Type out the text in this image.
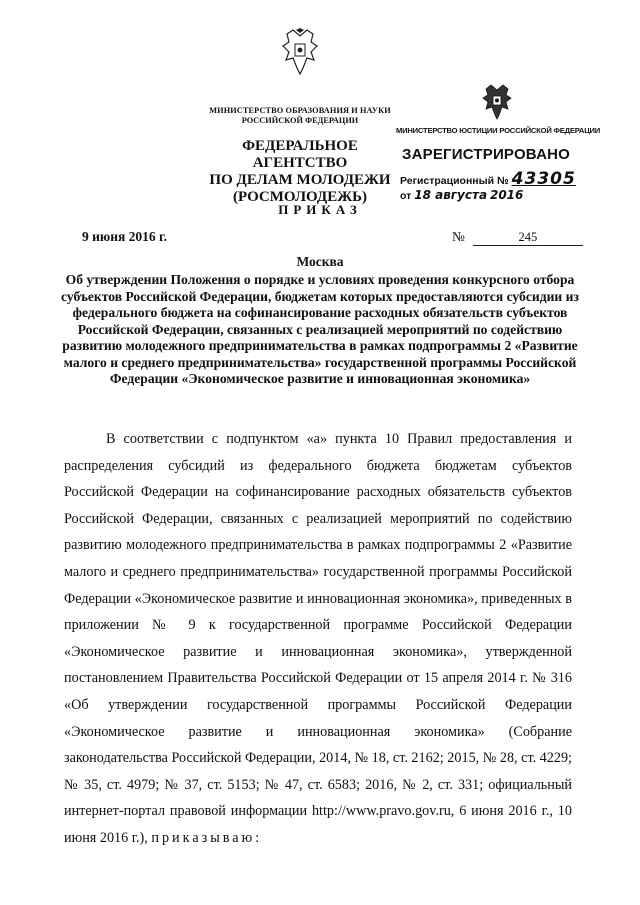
МИНИСТЕРСТВО ОБРАЗОВАНИЯ И НАУКИ
РОССИЙСКОЙ ФЕДЕРАЦИИ
ФЕДЕРАЛЬНОЕ АГЕНТСТВО
ПО ДЕЛАМ МОЛОДЕЖИ
(РОСМОЛОДЕЖЬ)
МИНИСТЕРСТВО ЮСТИЦИИ РОССИЙСКОЙ ФЕДЕРАЦИИ
ЗАРЕГИСТРИРОВАНО
Регистрационный № 43305
от 18 августа 2016
ПРИКАЗ
9 июня 2016 г.	№	245
Москва
Об утверждении Положения о порядке и условиях проведения конкурсного отбора субъектов Российской Федерации, бюджетам которых предоставляются субсидии из федерального бюджета на софинансирование расходных обязательств субъектов Российской Федерации, связанных с реализацией мероприятий по содействию развитию молодежного предпринимательства в рамках подпрограммы 2 «Развитие малого и среднего предпринимательства» государственной программы Российской Федерации «Экономическое развитие и инновационная экономика»

В соответствии с подпунктом «а» пункта 10 Правил предоставления и распределения субсидий из федерального бюджета бюджетам субъектов Российской Федерации на софинансирование расходных обязательств субъектов Российской Федерации, связанных с реализацией мероприятий по содействию развитию молодежного предпринимательства в рамках подпрограммы 2 «Развитие малого и среднего предпринимательства» государственной программы Российской Федерации «Экономическое развитие и инновационная экономика», приведенных в приложении № 9 к государственной программе Российской Федерации «Экономическое развитие и инновационная экономика», утвержденной постановлением Правительства Российской Федерации от 15 апреля 2014 г. № 316 «Об утверждении государственной программы Российской Федерации «Экономическое развитие и инновационная экономика» (Собрание законодательства Российской Федерации, 2014, № 18, ст. 2162; 2015, № 28, ст. 4229; № 35, ст. 4979; № 37, ст. 5153; № 47, ст. 6583; 2016, № 2, ст. 331; официальный интернет-портал правовой информации http://www.pravo.gov.ru, 6 июня 2016 г., 10 июня 2016 г.), приказываю:
